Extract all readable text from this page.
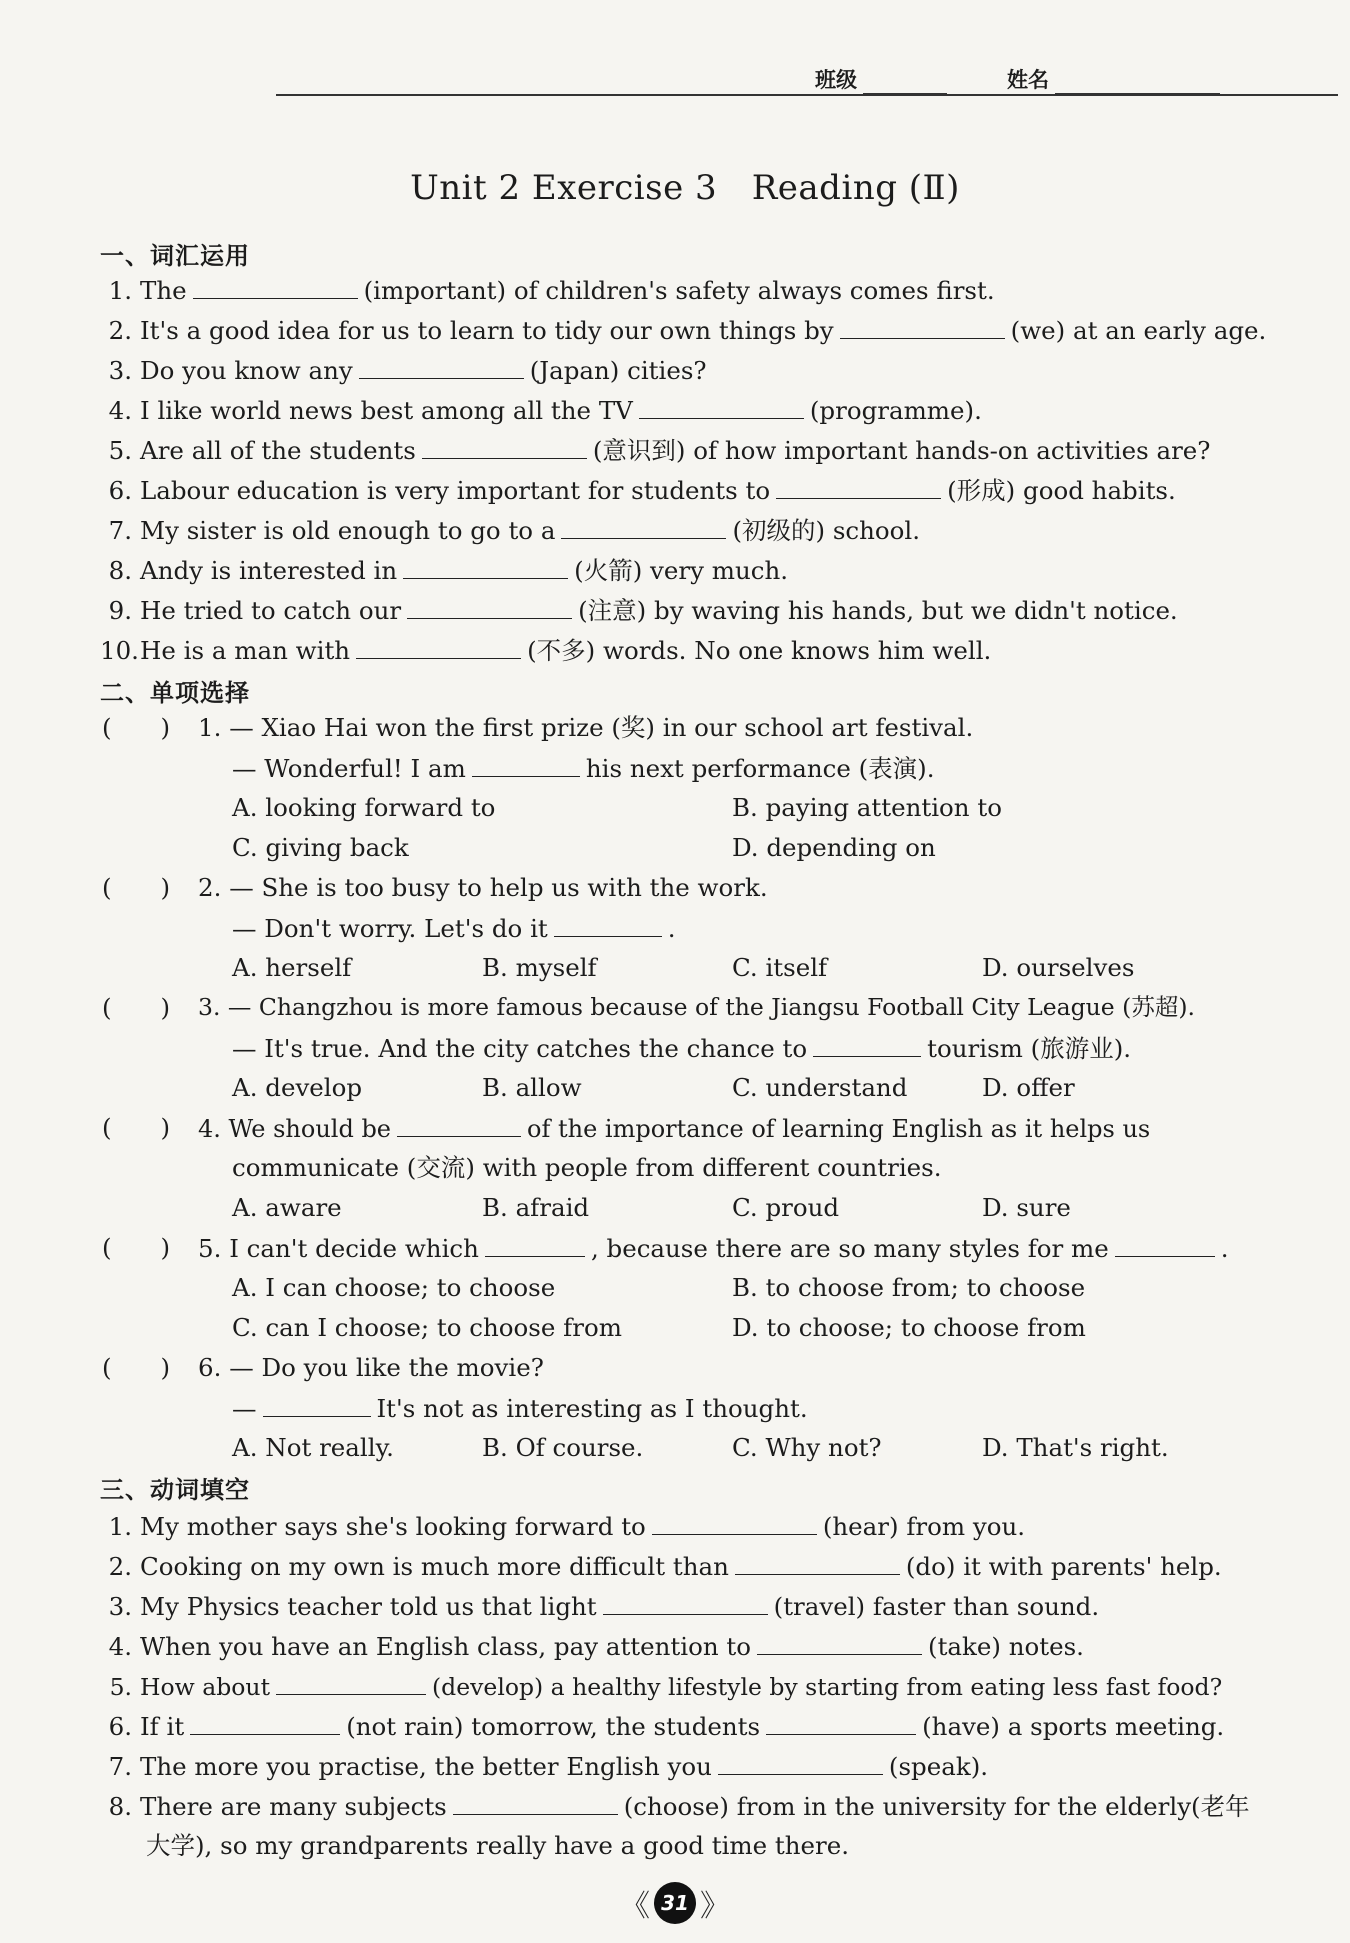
班级	姓名
Unit 2 Exercise 3　Reading (Ⅱ)
一、词汇运用
1. The	(important) of children's safety always comes first.
2. It's a good idea for us to learn to tidy our own things by	(we) at an early age.
3. Do you know any	(Japan) cities?
4. I like world news best among all the TV	(programme).
5. Are all of the students	(意识到) of how important hands-on activities are?
6. Labour education is very important for students to	(形成) good habits.
7. My sister is old enough to go to a	(初级的) school.
8. Andy is interested in	(火箭) very much.
9. He tried to catch our	(注意) by waving his hands, but we didn't notice.
10.He is a man with	(不多) words. No one knows him well.
二、单项选择
(　　) 1. — Xiao Hai won the first prize (奖) in our school art festival.
— Wonderful! I am	his next performance (表演).
A. looking forward to	B. paying attention to
C. giving back	D. depending on
(　　) 2. — She is too busy to help us with the work.
— Don't worry. Let's do it	.
A. herself	B. myself	C. itself	D. ourselves
(　　) 3. — Changzhou is more famous because of the Jiangsu Football City League (苏超).
— It's true. And the city catches the chance to	tourism (旅游业).
A. develop	B. allow	C. understand	D. offer
(　　) 4. We should be	of the importance of learning English as it helps us
communicate (交流) with people from different countries.
A. aware	B. afraid	C. proud	D. sure
(　　) 5. I can't decide which	, because there are so many styles for me	.
A. I can choose; to choose	B. to choose from; to choose
C. can I choose; to choose from	D. to choose; to choose from
(　　) 6. — Do you like the movie?
—	It's not as interesting as I thought.
A. Not really.	B. Of course.	C. Why not?	D. That's right.
三、动词填空
1. My mother says she's looking forward to	(hear) from you.
2. Cooking on my own is much more difficult than	(do) it with parents' help.
3. My Physics teacher told us that light	(travel) faster than sound.
4. When you have an English class, pay attention to	(take) notes.
5. How about	(develop) a healthy lifestyle by starting from eating less fast food?
6. If it	(not rain) tomorrow, the students	(have) a sports meeting.
7. The more you practise, the better English you	(speak).
8. There are many subjects	(choose) from in the university for the elderly(老年
大学), so my grandparents really have a good time there.
《 31 》
